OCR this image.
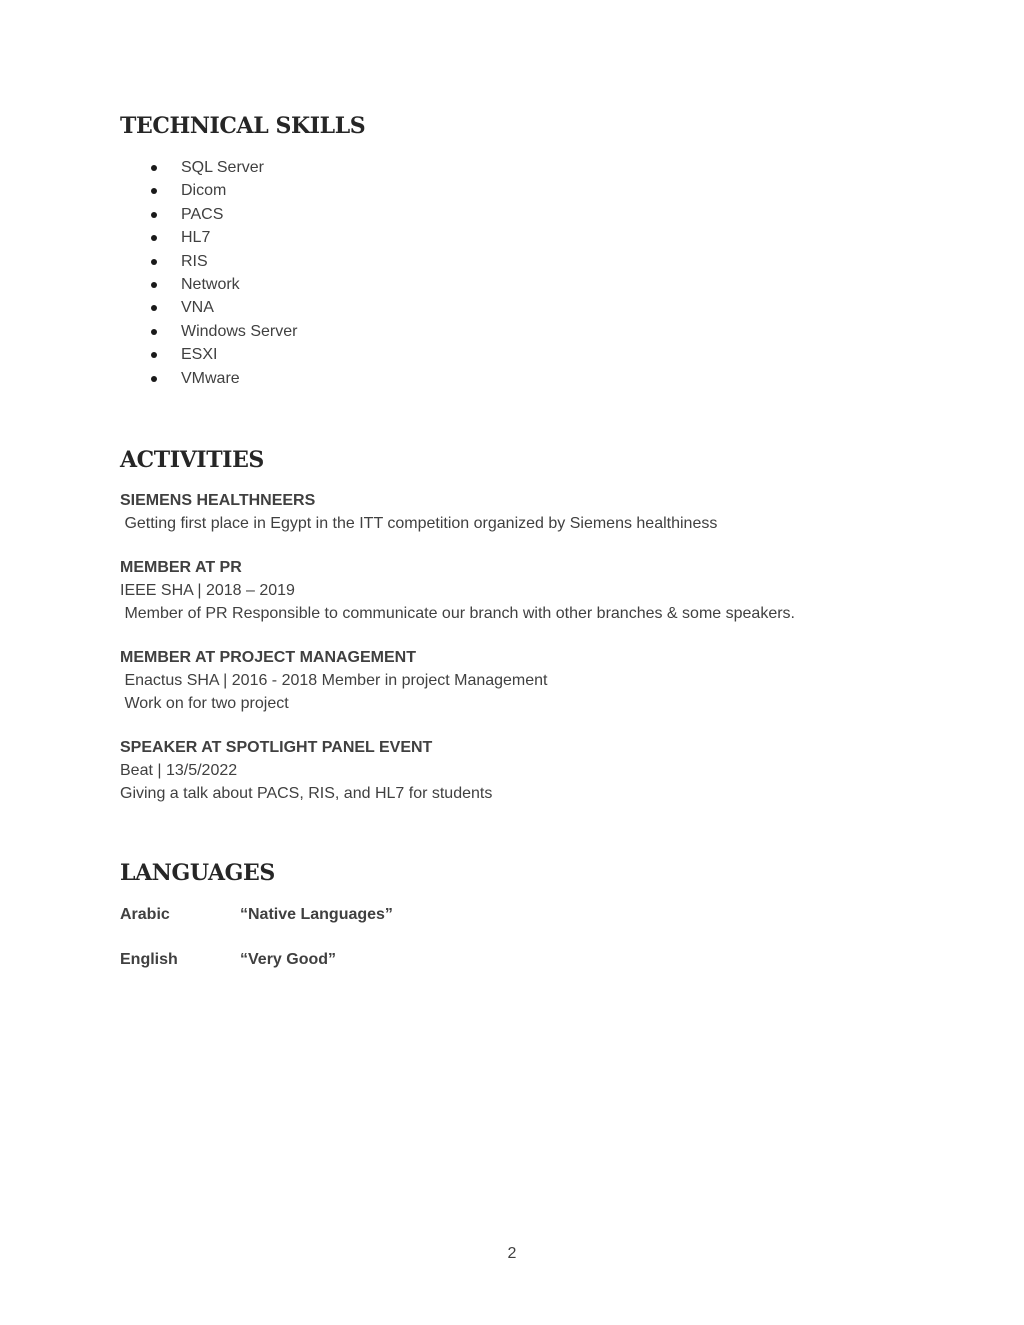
TECHNICAL SKILLS
SQL Server
Dicom
PACS
HL7
RIS
Network
VNA
Windows Server
ESXI
VMware
ACTIVITIES
SIEMENS HEALTHNEERS
Getting first place in Egypt in the ITT competition organized by Siemens healthiness
MEMBER AT PR
IEEE SHA | 2018 – 2019
Member of PR Responsible to communicate our branch with other branches & some speakers.
MEMBER AT PROJECT MANAGEMENT
Enactus SHA | 2016 - 2018 Member in project Management
Work on for two project
SPEAKER AT SPOTLIGHT PANEL EVENT
Beat | 13/5/2022
Giving a talk about PACS, RIS, and HL7 for students
LANGUAGES
Arabic	“Native Languages”
English	“Very Good”
2
